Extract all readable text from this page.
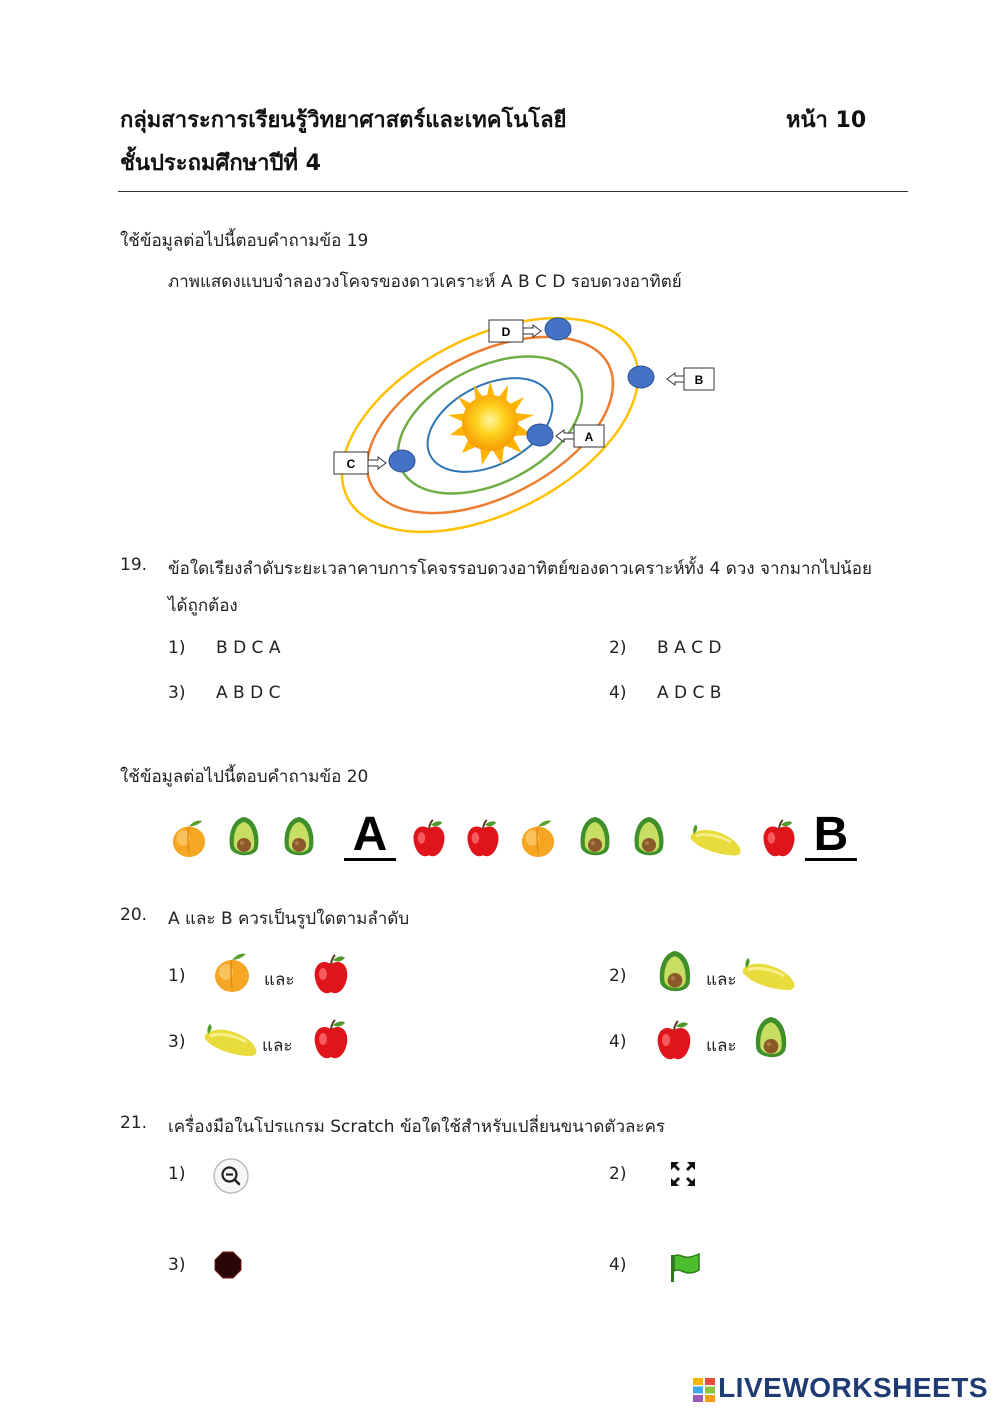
กลุ่มสาระการเรียนรู้วิทยาศาสตร์และเทคโนโลยี
ชั้นประถมศึกษาปีที่ 4
หน้า 10
ใช้ข้อมูลต่อไปนี้ตอบคำถามข้อ 19
ภาพแสดงแบบจำลองวงโคจรของดาวเคราะห์ A B C D รอบดวงอาทิตย์
A
B
C
D
19. ข้อใดเรียงลำดับระยะเวลาคาบการโคจรรอบดวงอาทิตย์ของดาวเคราะห์ทั้ง 4 ดวง จากมากไปน้อย
ได้ถูกต้อง
1) B D C A	2) B A C D
3) A B D C	4) A D C B
ใช้ข้อมูลต่อไปนี้ตอบคำถามข้อ 20
A	B
20. A และ B ควรเป็นรูปใดตามลำดับ
1)	และ	2)	และ
3)	และ	4)	และ
21. เครื่องมือในโปรแกรม Scratch ข้อใดใช้สำหรับเปลี่ยนขนาดตัวละคร
1)	2)
3)	4)
LIVEWORKSHEETS
